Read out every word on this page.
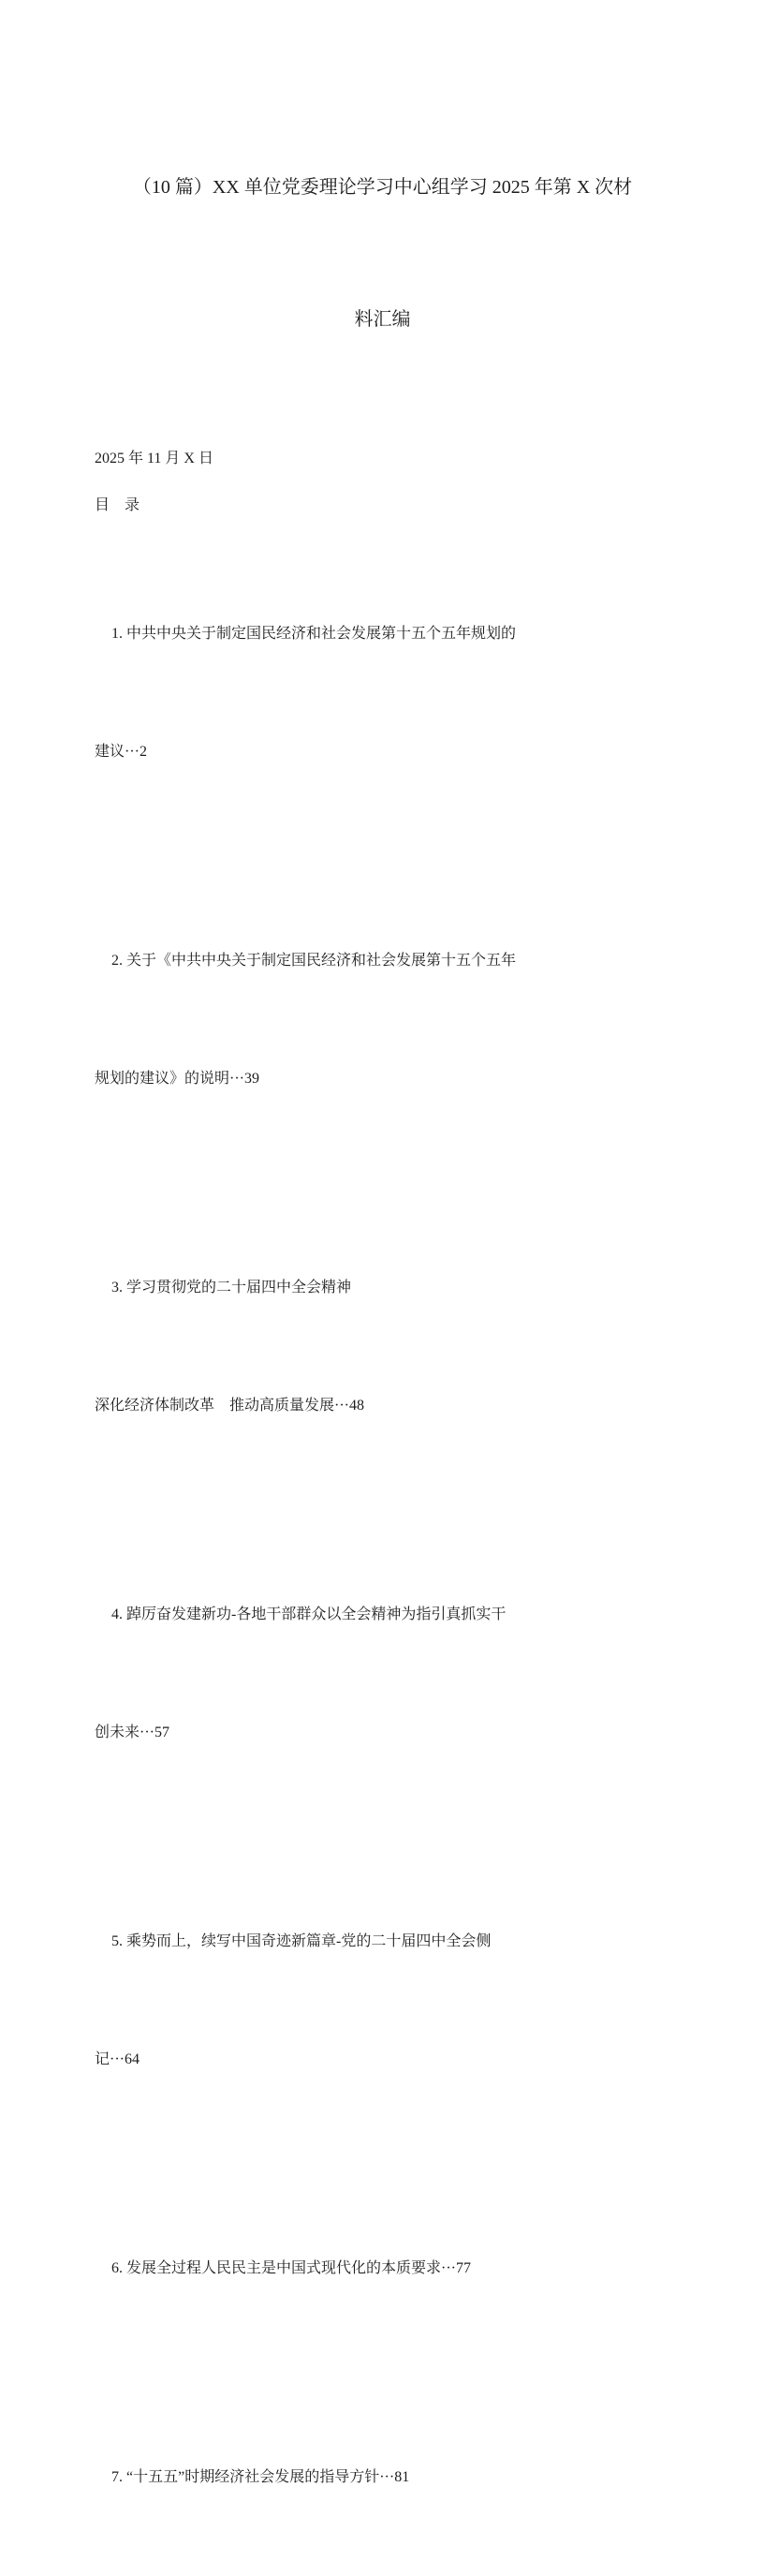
（10 篇）XX 单位党委理论学习中心组学习 2025 年第 X 次材

料汇编

2025 年 11 月 X 日

目　录

1. 中共中央关于制定国民经济和社会发展第十五个五年规划的

建议···2

2. 关于《中共中央关于制定国民经济和社会发展第十五个五年

规划的建议》的说明···39

3. 学习贯彻党的二十届四中全会精神

深化经济体制改革　推动高质量发展···48

4. 踔厉奋发建新功-各地干部群众以全会精神为指引真抓实干

创未来···57

5. 乘势而上，续写中国奇迹新篇章-党的二十届四中全会侧

记···64

6. 发展全过程人民民主是中国式现代化的本质要求···77

7. “十五五”时期经济社会发展的指导方针···81
